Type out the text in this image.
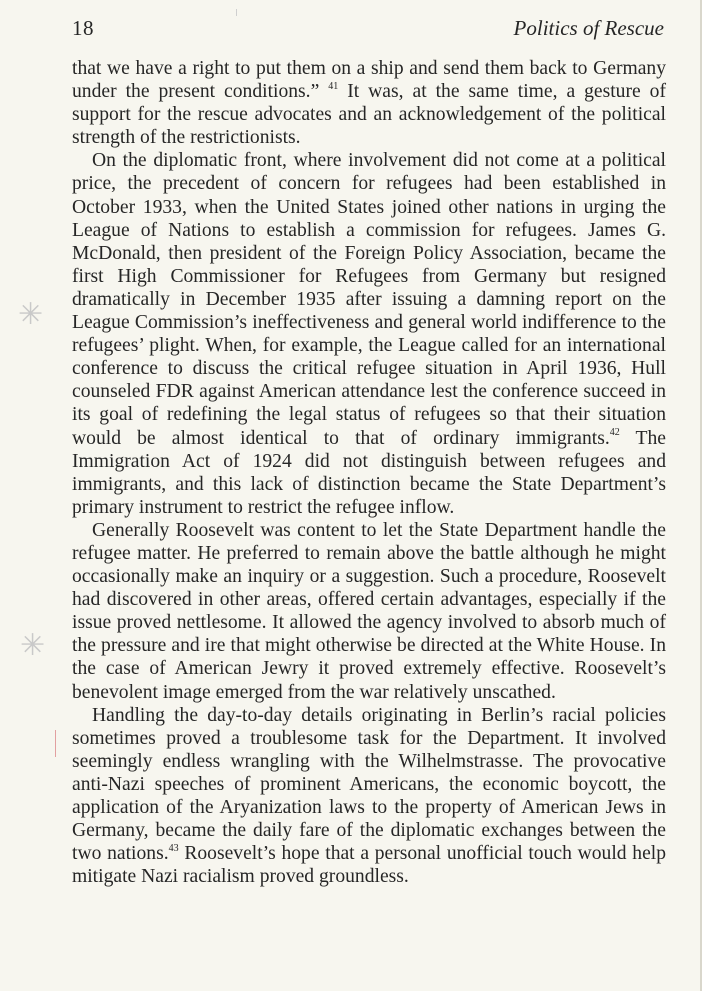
18	Politics of Rescue

that we have a right to put them on a ship and send them back to Germany under the present conditions.” $^{41}$ It was, at the same time, a gesture of support for the rescue advocates and an acknowledgement of the political strength of the restrictionists.

On the diplomatic front, where involvement did not come at a political price, the precedent of concern for refugees had been established in October 1933, when the United States joined other nations in urging the League of Nations to establish a commission for refugees. James G. McDonald, then president of the Foreign Policy Association, became the first High Commissioner for Refugees from Germany but resigned dramatically in December 1935 after issuing a damning report on the League Commission’s ineffectiveness and general world indifference to the refugees’ plight. When, for example, the League called for an international conference to discuss the critical refugee situation in April 1936, Hull counseled FDR against American attendance lest the conference succeed in its goal of redefining the legal status of refugees so that their situation would be almost identical to that of ordinary immigrants.$^{42}$ The Immigration Act of 1924 did not distinguish between refugees and immigrants, and this lack of distinction became the State Department’s primary instrument to restrict the refugee inflow.

Generally Roosevelt was content to let the State Department handle the refugee matter. He preferred to remain above the battle although he might occasionally make an inquiry or a suggestion. Such a procedure, Roosevelt had discovered in other areas, offered certain advantages, especially if the issue proved nettlesome. It allowed the agency involved to absorb much of the pressure and ire that might otherwise be directed at the White House. In the case of American Jewry it proved extremely effective. Roosevelt’s benevolent image emerged from the war relatively unscathed.

Handling the day-to-day details originating in Berlin’s racial policies sometimes proved a troublesome task for the Department. It involved seemingly endless wrangling with the Wilhelmstrasse. The provocative anti-Nazi speeches of prominent Americans, the economic boycott, the application of the Aryanization laws to the property of American Jews in Germany, became the daily fare of the diplomatic exchanges between the two nations.$^{43}$ Roosevelt’s hope that a personal unofficial touch would help mitigate Nazi racialism proved groundless.

✳
✳
